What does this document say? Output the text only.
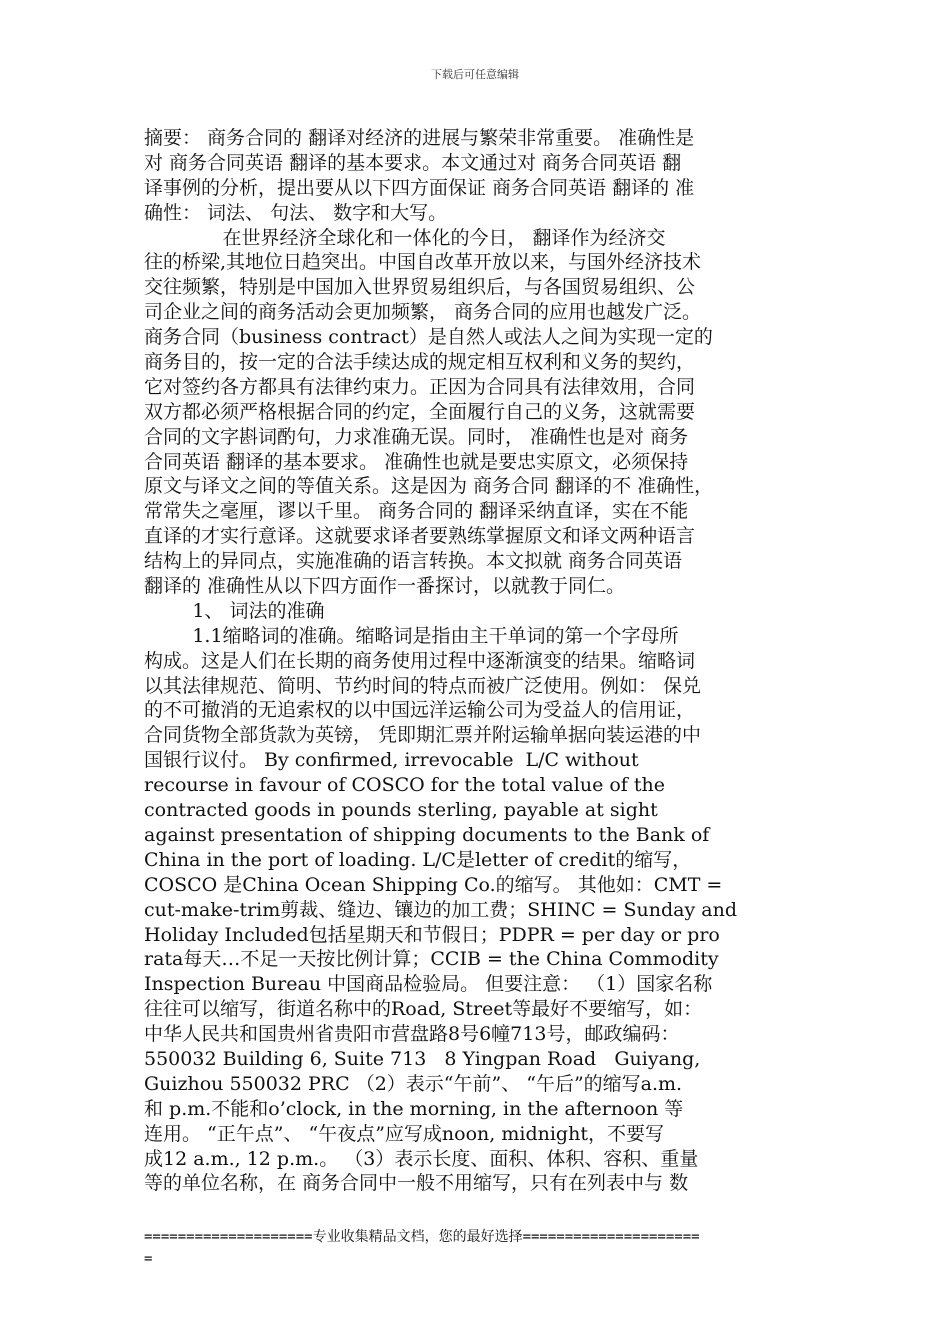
下载后可任意编辑
摘要： 商务合同的 翻译对经济的进展与繁荣非常重要。 准确性是
对 商务合同英语 翻译的基本要求。本文通过对 商务合同英语 翻
译事例的分析，提出要从以下四方面保证 商务合同英语 翻译的 准
确性： 词法、 句法、 数字和大写。
在世界经济全球化和一体化的今日， 翻译作为经济交
往的桥梁,其地位日趋突出。中国自改革开放以来，与国外经济技术
交往频繁，特别是中国加入世界贸易组织后，与各国贸易组织、公
司企业之间的商务活动会更加频繁， 商务合同的应用也越发广泛。
商务合同（business contract）是自然人或法人之间为实现一定的
商务目的，按一定的合法手续达成的规定相互权利和义务的契约，
它对签约各方都具有法律约束力。正因为合同具有法律效用，合同
双方都必须严格根据合同的约定，全面履行自己的义务，这就需要
合同的文字斟词酌句，力求准确无误。同时， 准确性也是对 商务
合同英语 翻译的基本要求。 准确性也就是要忠实原文，必须保持
原文与译文之间的等值关系。这是因为 商务合同 翻译的不 准确性，
常常失之毫厘，谬以千里。 商务合同的 翻译采纳直译，实在不能
直译的才实行意译。这就要求译者要熟练掌握原文和译文两种语言
结构上的异同点，实施准确的语言转换。本文拟就 商务合同英语
翻译的 准确性从以下四方面作一番探讨，以就教于同仁。
1、 词法的准确
1.1缩略词的准确。缩略词是指由主干单词的第一个字母所
构成。这是人们在长期的商务使用过程中逐渐演变的结果。缩略词
以其法律规范、简明、节约时间的特点而被广泛使用。例如： 保兑
的不可撤消的无追索权的以中国远洋运输公司为受益人的信用证，
合同货物全部货款为英镑， 凭即期汇票并附运输单据向装运港的中
国银行议付。 By confirmed, irrevocable  L/C without
recourse in favour of COSCO for the total value of the
contracted goods in pounds sterling, payable at sight
against presentation of shipping documents to the Bank of
China in the port of loading. L/C是letter of credit的缩写，
COSCO 是China Ocean Shipping Co.的缩写。 其他如：CMT =
cut-make-trim剪裁、缝边、镶边的加工费；SHINC = Sunday and
Holiday Included包括星期天和节假日；PDPR = per day or pro
rata每天…不足一天按比例计算；CCIB = the China Commodity
Inspection Bureau 中国商品检验局。 但要注意： （1）国家名称
往往可以缩写，街道名称中的Road, Street等最好不要缩写，如：
中华人民共和国贵州省贵阳市营盘路8号6幢713号，邮政编码：
550032 Building 6, Suite 713   8 Yingpan Road   Guiyang,
Guizhou 550032 PRC （2）表示“午前”、 “午后”的缩写a.m.
和 p.m.不能和o’clock, in the morning, in the afternoon 等
连用。 “正午点”、 “午夜点”应写成noon, midnight，不要写
成12 a.m., 12 p.m.。 （3）表示长度、面积、体积、容积、重量
等的单位名称，在 商务合同中一般不用缩写，只有在列表中与 数
====================专业收集精品文档，您的最好选择=====================
=
